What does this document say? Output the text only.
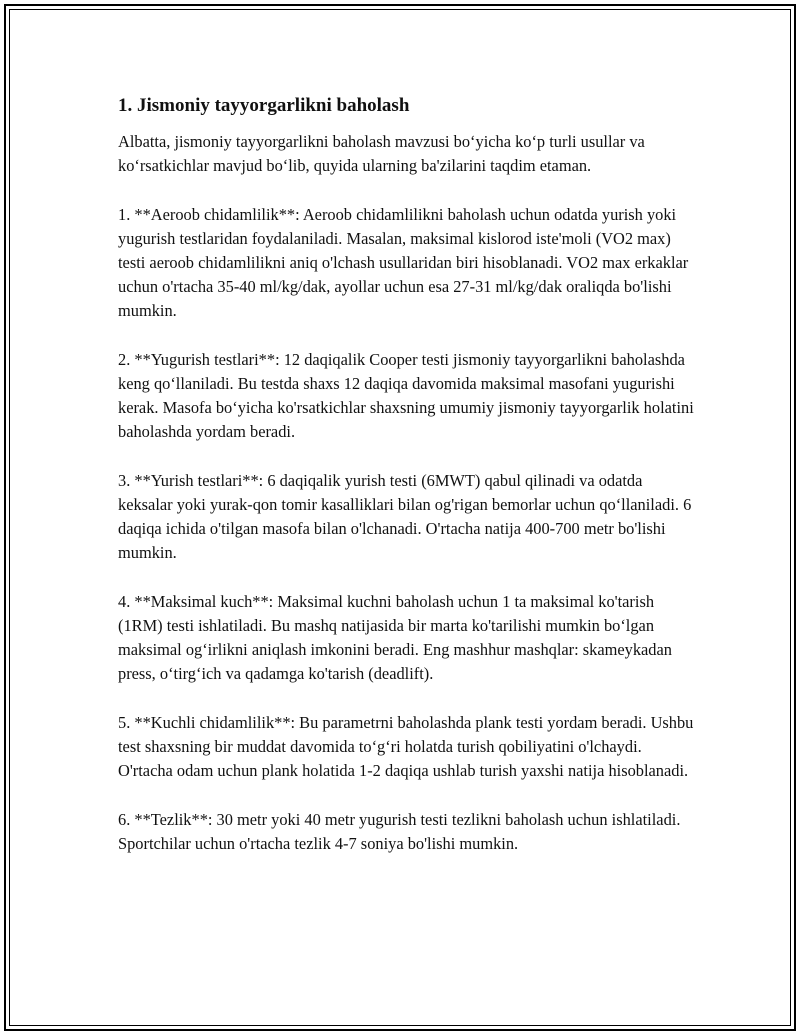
1. Jismoniy tayyorgarlikni baholash

Albatta, jismoniy tayyorgarlikni baholash mavzusi bo‘yicha ko‘p turli usullar va ko‘rsatkichlar mavjud bo‘lib, quyida ularning ba'zilarini taqdim etaman.

1. **Aeroob chidamlilik**: Aeroob chidamlilikni baholash uchun odatda yurish yoki yugurish testlaridan foydalaniladi. Masalan, maksimal kislorod iste'moli (VO2 max) testi aeroob chidamlilikni aniq o'lchash usullaridan biri hisoblanadi. VO2 max erkaklar uchun o'rtacha 35-40 ml/kg/dak, ayollar uchun esa 27-31 ml/kg/dak oraliqda bo'lishi mumkin.

2. **Yugurish testlari**: 12 daqiqalik Cooper testi jismoniy tayyorgarlikni baholashda keng qo‘llaniladi. Bu testda shaxs 12 daqiqa davomida maksimal masofani yugurishi kerak. Masofa bo‘yicha ko'rsatkichlar shaxsning umumiy jismoniy tayyorgarlik holatini baholashda yordam beradi.

3. **Yurish testlari**: 6 daqiqalik yurish testi (6MWT) qabul qilinadi va odatda keksalar yoki yurak-qon tomir kasalliklari bilan og'rigan bemorlar uchun qo‘llaniladi. 6 daqiqa ichida o'tilgan masofa bilan o'lchanadi. O'rtacha natija 400-700 metr bo'lishi mumkin.

4. **Maksimal kuch**: Maksimal kuchni baholash uchun 1 ta maksimal ko'tarish (1RM) testi ishlatiladi. Bu mashq natijasida bir marta ko'tarilishi mumkin bo‘lgan maksimal og‘irlikni aniqlash imkonini beradi. Eng mashhur mashqlar: skameykadan press, o‘tirg‘ich va qadamga ko'tarish (deadlift).

5. **Kuchli chidamlilik**: Bu parametrni baholashda plank testi yordam beradi. Ushbu test shaxsning bir muddat davomida to‘g‘ri holatda turish qobiliyatini o'lchaydi. O'rtacha odam uchun plank holatida 1-2 daqiqa ushlab turish yaxshi natija hisoblanadi.

6. **Tezlik**: 30 metr yoki 40 metr yugurish testi tezlikni baholash uchun ishlatiladi. Sportchilar uchun o'rtacha tezlik 4-7 soniya bo'lishi mumkin.
